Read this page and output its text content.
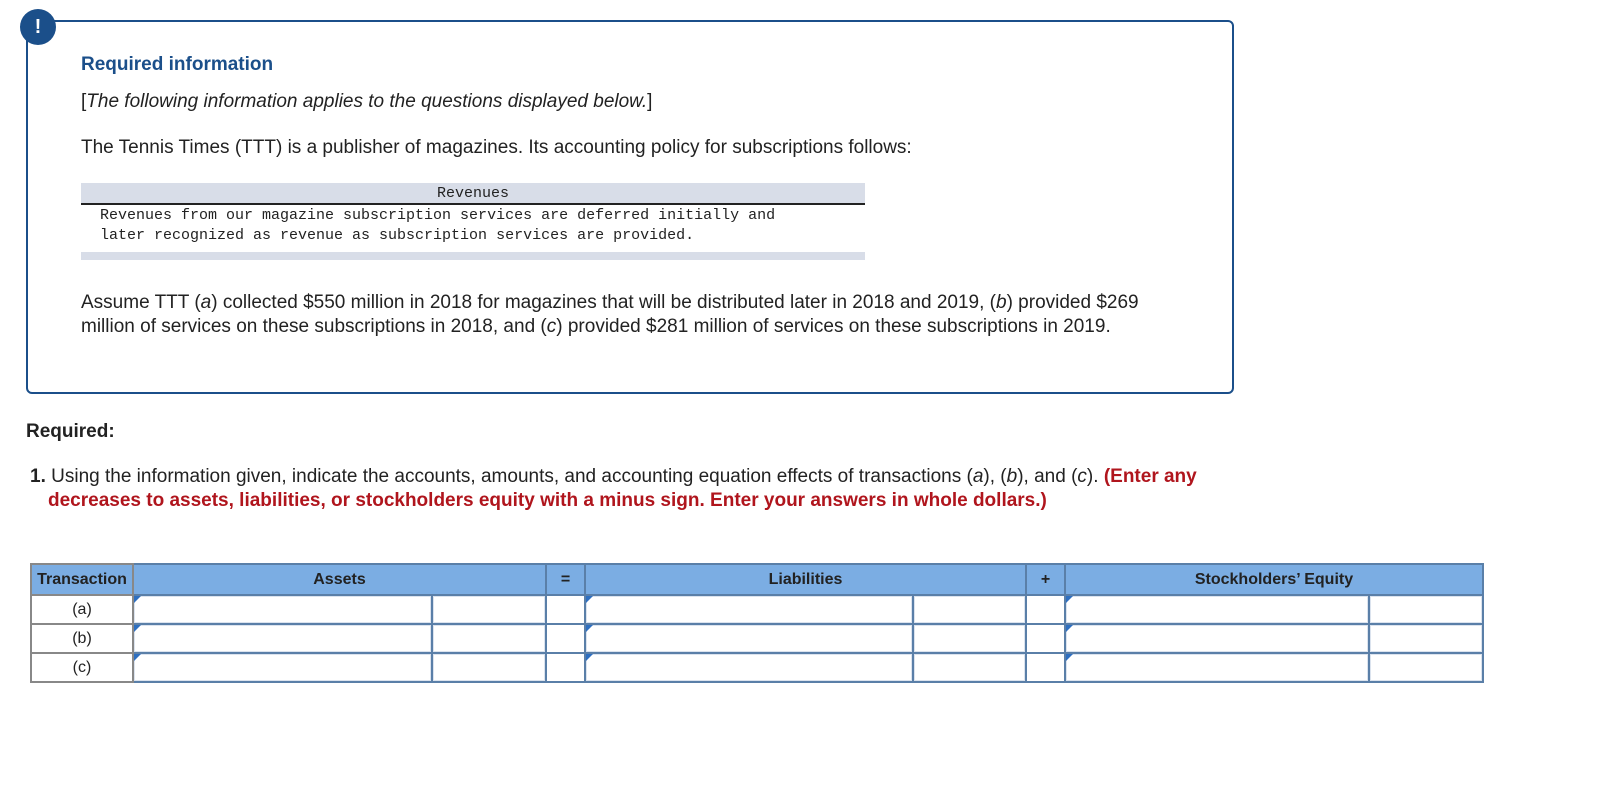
!
Required information
[The following information applies to the questions displayed below.]
The Tennis Times (TTT) is a publisher of magazines. Its accounting policy for subscriptions follows:
Revenues
Revenues from our magazine subscription services are deferred initially and
later recognized as revenue as subscription services are provided.
Assume TTT (a) collected $550 million in 2018 for magazines that will be distributed later in 2018 and 2019, (b) provided $269 million of services on these subscriptions in 2018, and (c) provided $281 million of services on these subscriptions in 2019.
Required:
1. Using the information given, indicate the accounts, amounts, and accounting equation effects of transactions (a), (b), and (c). (Enter any decreases to assets, liabilities, or stockholders equity with a minus sign. Enter your answers in whole dollars.)
Transaction	Assets		=	Liabilities		+	Stockholders’ Equity	
(a)	

(b)	

(c)	
